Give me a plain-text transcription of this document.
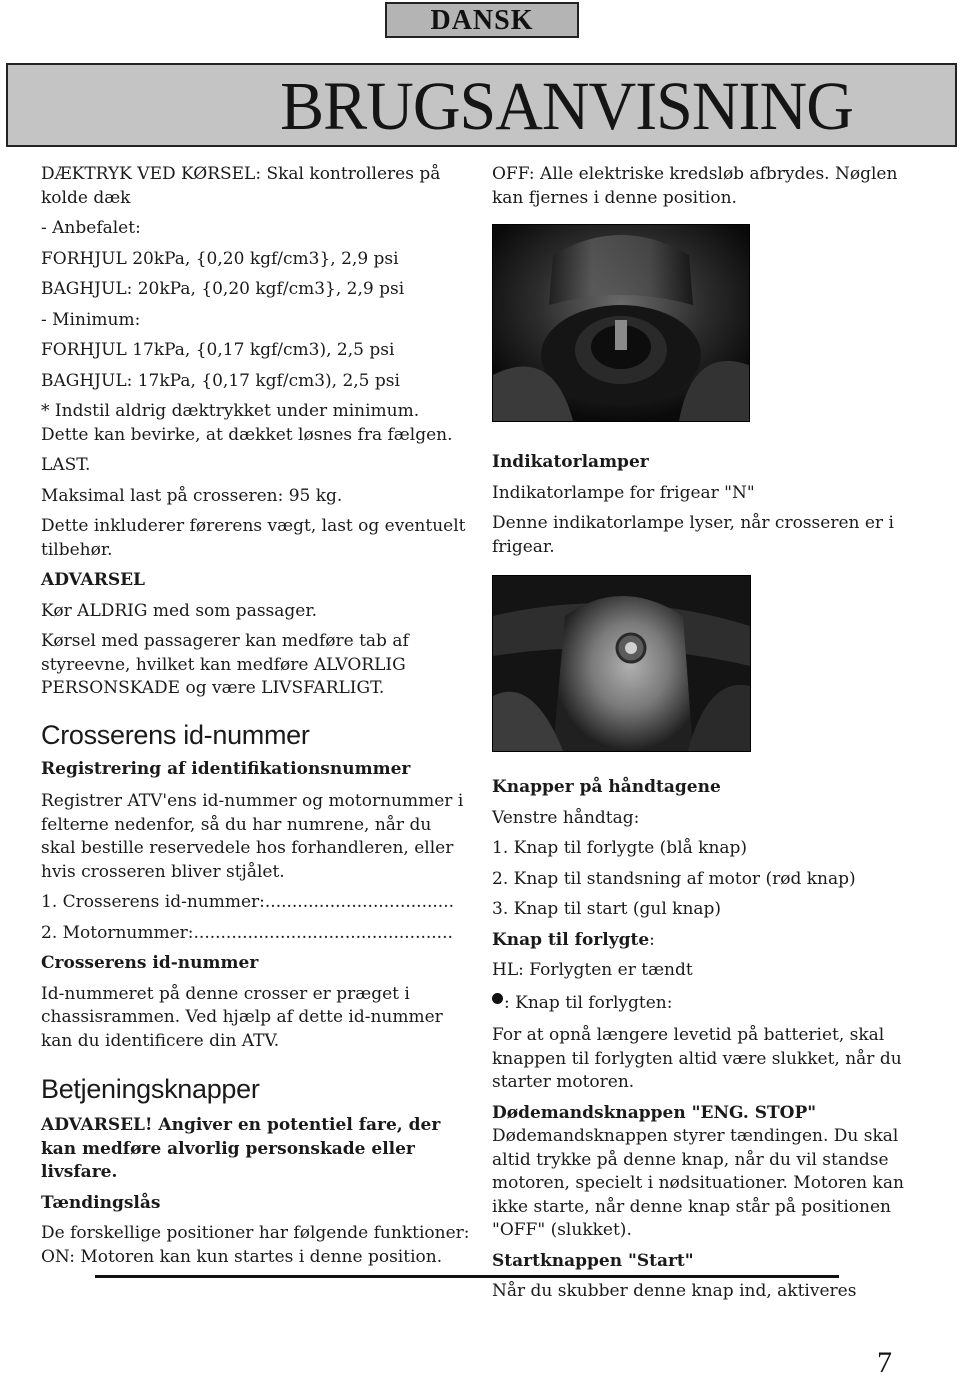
DANSK
BRUGSANVISNING

DÆKTRYK VED KØRSEL: Skal kontrolleres på kolde dæk

- Anbefalet:

FORHJUL 20kPa, {0,20 kgf/cm3}, 2,9 psi

BAGHJUL: 20kPa, {0,20 kgf/cm3}, 2,9 psi

- Minimum:

FORHJUL 17kPa, {0,17 kgf/cm3), 2,5 psi

BAGHJUL: 17kPa, {0,17 kgf/cm3), 2,5 psi

* Indstil aldrig dæktrykket under minimum. Dette kan bevirke, at dækket løsnes fra fælgen.

LAST.

Maksimal last på crosseren: 95 kg.

Dette inkluderer førerens vægt, last og eventuelt tilbehør.

ADVARSEL

Kør ALDRIG med som passager.

Kørsel med passagerer kan medføre tab af styreevne, hvilket kan medføre ALVORLIG PERSONSKADE og være LIVSFARLIGT.

Crosserens id-nummer

Registrering af identifikationsnummer

Registrer ATV'ens id-nummer og motornummer i felterne nedenfor, så du har numrene, når du skal bestille reservedele hos forhandleren, eller hvis crosseren bliver stjålet.

1. Crosserens id-nummer:...................................

2. Motornummer:................................................

Crosserens id-nummer

Id-nummeret på denne crosser er præget i chassisrammen. Ved hjælp af dette id-nummer kan du identificere din ATV.

Betjeningsknapper

ADVARSEL! Angiver en potentiel fare, der kan medføre alvorlig personskade eller livsfare.

Tændingslås

De forskellige positioner har følgende funktioner:

ON: Motoren kan kun startes i denne position.

OFF: Alle elektriske kredsløb afbrydes. Nøglen kan fjernes i denne position.

Indikatorlamper

Indikatorlampe for frigear "N"

Denne indikatorlampe lyser, når crosseren er i frigear.

Knapper på håndtagene

Venstre håndtag:

1. Knap til forlygte (blå knap)

2. Knap til standsning af motor (rød knap)

3. Knap til start (gul knap)

Knap til forlygte:

HL: Forlygten er tændt

: Knap til forlygten:

For at opnå længere levetid på batteriet, skal knappen til forlygten altid være slukket, når du starter motoren.

Dødemandsknappen "ENG. STOP"

Dødemandsknappen styrer tændingen. Du skal altid trykke på denne knap, når du vil standse motoren, specielt i nødsituationer. Motoren kan ikke starte, når denne knap står på positionen "OFF" (slukket).

Startknappen "Start"

Når du skubber denne knap ind, aktiveres

7
